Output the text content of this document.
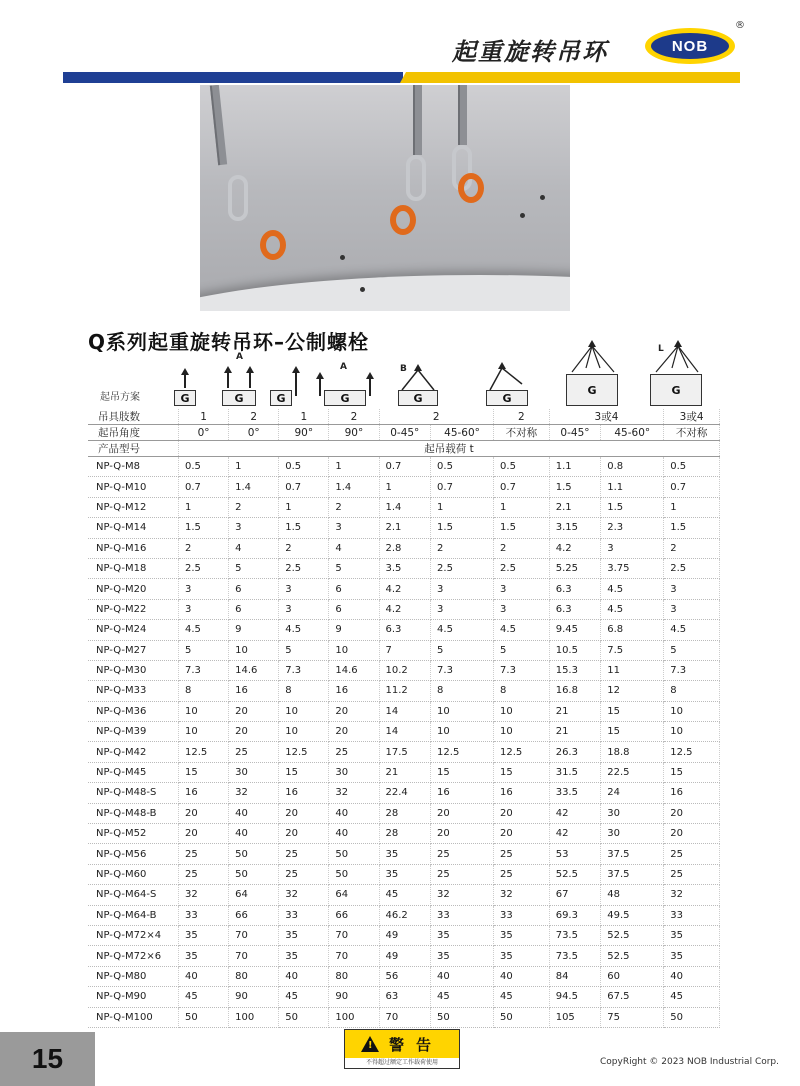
起重旋转吊环	NOB
®
Q系列起重旋转吊环–公制螺栓
起吊方案	G
A
G	G
A
G
B
G	G
G
L
G
吊具肢数	1	2	1	2	2		2	3或4		3或4
起吊角度	0°	0°	90°	90°	0-45°	45-60°	不对称	0-45°	45-60°	不对称
产品型号	起吊载荷 t									
NP-Q-M8	0.5	1	0.5	1	0.7	0.5	0.5	1.1	0.8	0.5
NP-Q-M10	0.7	1.4	0.7	1.4	1	0.7	0.7	1.5	1.1	0.7
NP-Q-M12	1	2	1	2	1.4	1	1	2.1	1.5	1
NP-Q-M14	1.5	3	1.5	3	2.1	1.5	1.5	3.15	2.3	1.5
NP-Q-M16	2	4	2	4	2.8	2	2	4.2	3	2
NP-Q-M18	2.5	5	2.5	5	3.5	2.5	2.5	5.25	3.75	2.5
NP-Q-M20	3	6	3	6	4.2	3	3	6.3	4.5	3
NP-Q-M22	3	6	3	6	4.2	3	3	6.3	4.5	3
NP-Q-M24	4.5	9	4.5	9	6.3	4.5	4.5	9.45	6.8	4.5
NP-Q-M27	5	10	5	10	7	5	5	10.5	7.5	5
NP-Q-M30	7.3	14.6	7.3	14.6	10.2	7.3	7.3	15.3	11	7.3
NP-Q-M33	8	16	8	16	11.2	8	8	16.8	12	8
NP-Q-M36	10	20	10	20	14	10	10	21	15	10
NP-Q-M39	10	20	10	20	14	10	10	21	15	10
NP-Q-M42	12.5	25	12.5	25	17.5	12.5	12.5	26.3	18.8	12.5
NP-Q-M45	15	30	15	30	21	15	15	31.5	22.5	15
NP-Q-M48-S	16	32	16	32	22.4	16	16	33.5	24	16
NP-Q-M48-B	20	40	20	40	28	20	20	42	30	20
NP-Q-M52	20	40	20	40	28	20	20	42	30	20
NP-Q-M56	25	50	25	50	35	25	25	53	37.5	25
NP-Q-M60	25	50	25	50	35	25	25	52.5	37.5	25
NP-Q-M64-S	32	64	32	64	45	32	32	67	48	32
NP-Q-M64-B	33	66	33	66	46.2	33	33	69.3	49.5	33
NP-Q-M72×4	35	70	35	70	49	35	35	73.5	52.5	35
NP-Q-M72×6	35	70	35	70	49	35	35	73.5	52.5	35
NP-Q-M80	40	80	40	80	56	40	40	84	60	40
NP-Q-M90	45	90	45	90	63	45	45	94.5	67.5	45
NP-Q-M100	50	100	50	100	70	50	50	105	75	50
15	! 警告
不得超过额定工作载荷使用	CopyRight © 2023 NOB Industrial Corp.
